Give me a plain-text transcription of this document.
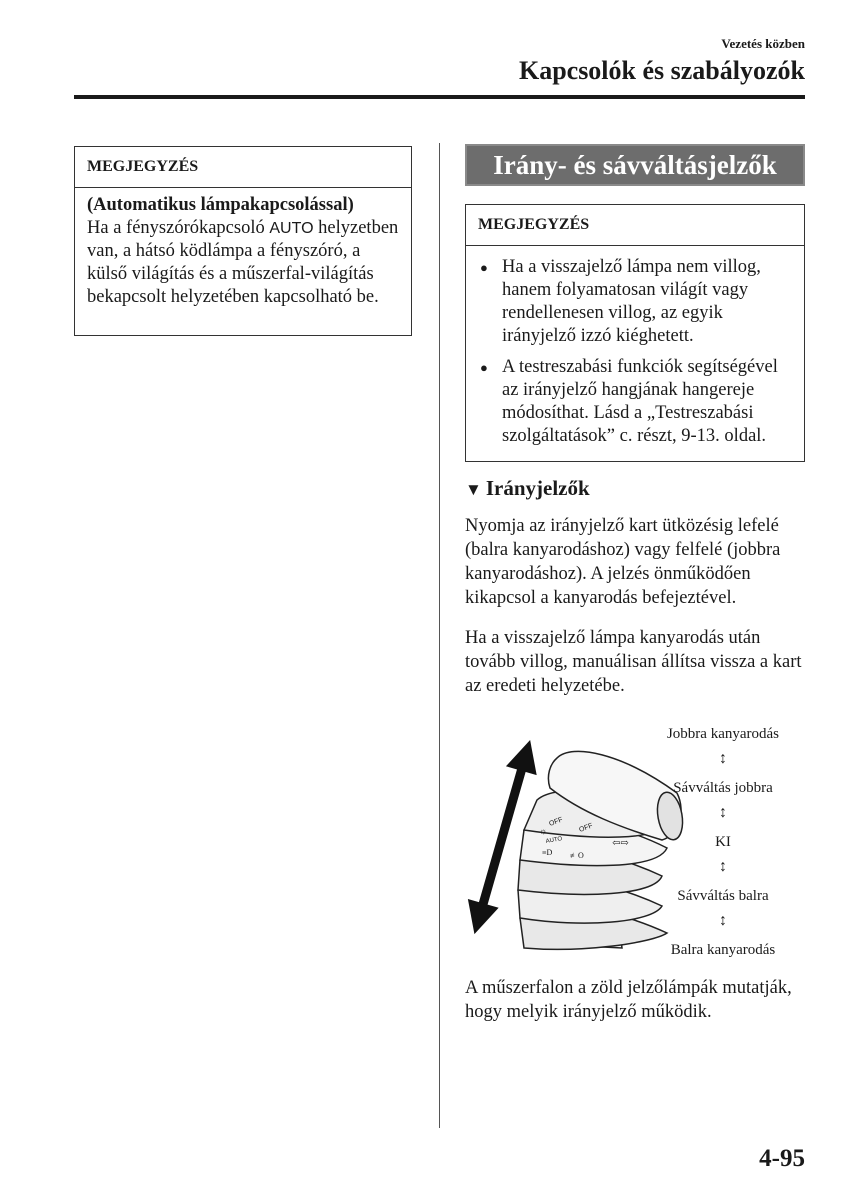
Vezetés közben
Kapcsolók és szabályozók
MEGJEGYZÉS
(Automatikus lámpakapcsolással)
Ha a fényszórókapcsoló AUTO helyzetben van, a hátsó ködlámpa a fényszóró, a külső világítás és a műszerfal-világítás bekapcsolt helyzetében kapcsolható be.
Irány- és sávváltásjelzők
MEGJEGYZÉS
● Ha a visszajelző lámpa nem villog, hanem folyamatosan világít vagy rendellenesen villog, az egyik irányjelző izzó kiéghetett.
● A testreszabási funkciók segítségével az irányjelző hangjának hangereje módosíthat. Lásd a „Testreszabási szolgáltatások” c. részt, 9-13. oldal.
▼ Irányjelzők
Nyomja az irányjelző kart ütközésig lefelé (balra kanyarodáshoz) vagy felfelé (jobbra kanyarodáshoz). A jelzés önműködően kikapcsol a kanyarodás befejeztével.
Ha a visszajelző lámpa kanyarodás után tovább villog, manuálisan állítsa vissza a kart az eredeti helyzetébe.
OFF
OFF
AUTO
☼
≡D ≢O
⇦⇨
Jobbra kanyarodás
↕
Sávváltás jobbra
↕
KI
↕
Sávváltás balra
↕
Balra kanyarodás
A műszerfalon a zöld jelzőlámpák mutatják, hogy melyik irányjelző működik.
4-95
